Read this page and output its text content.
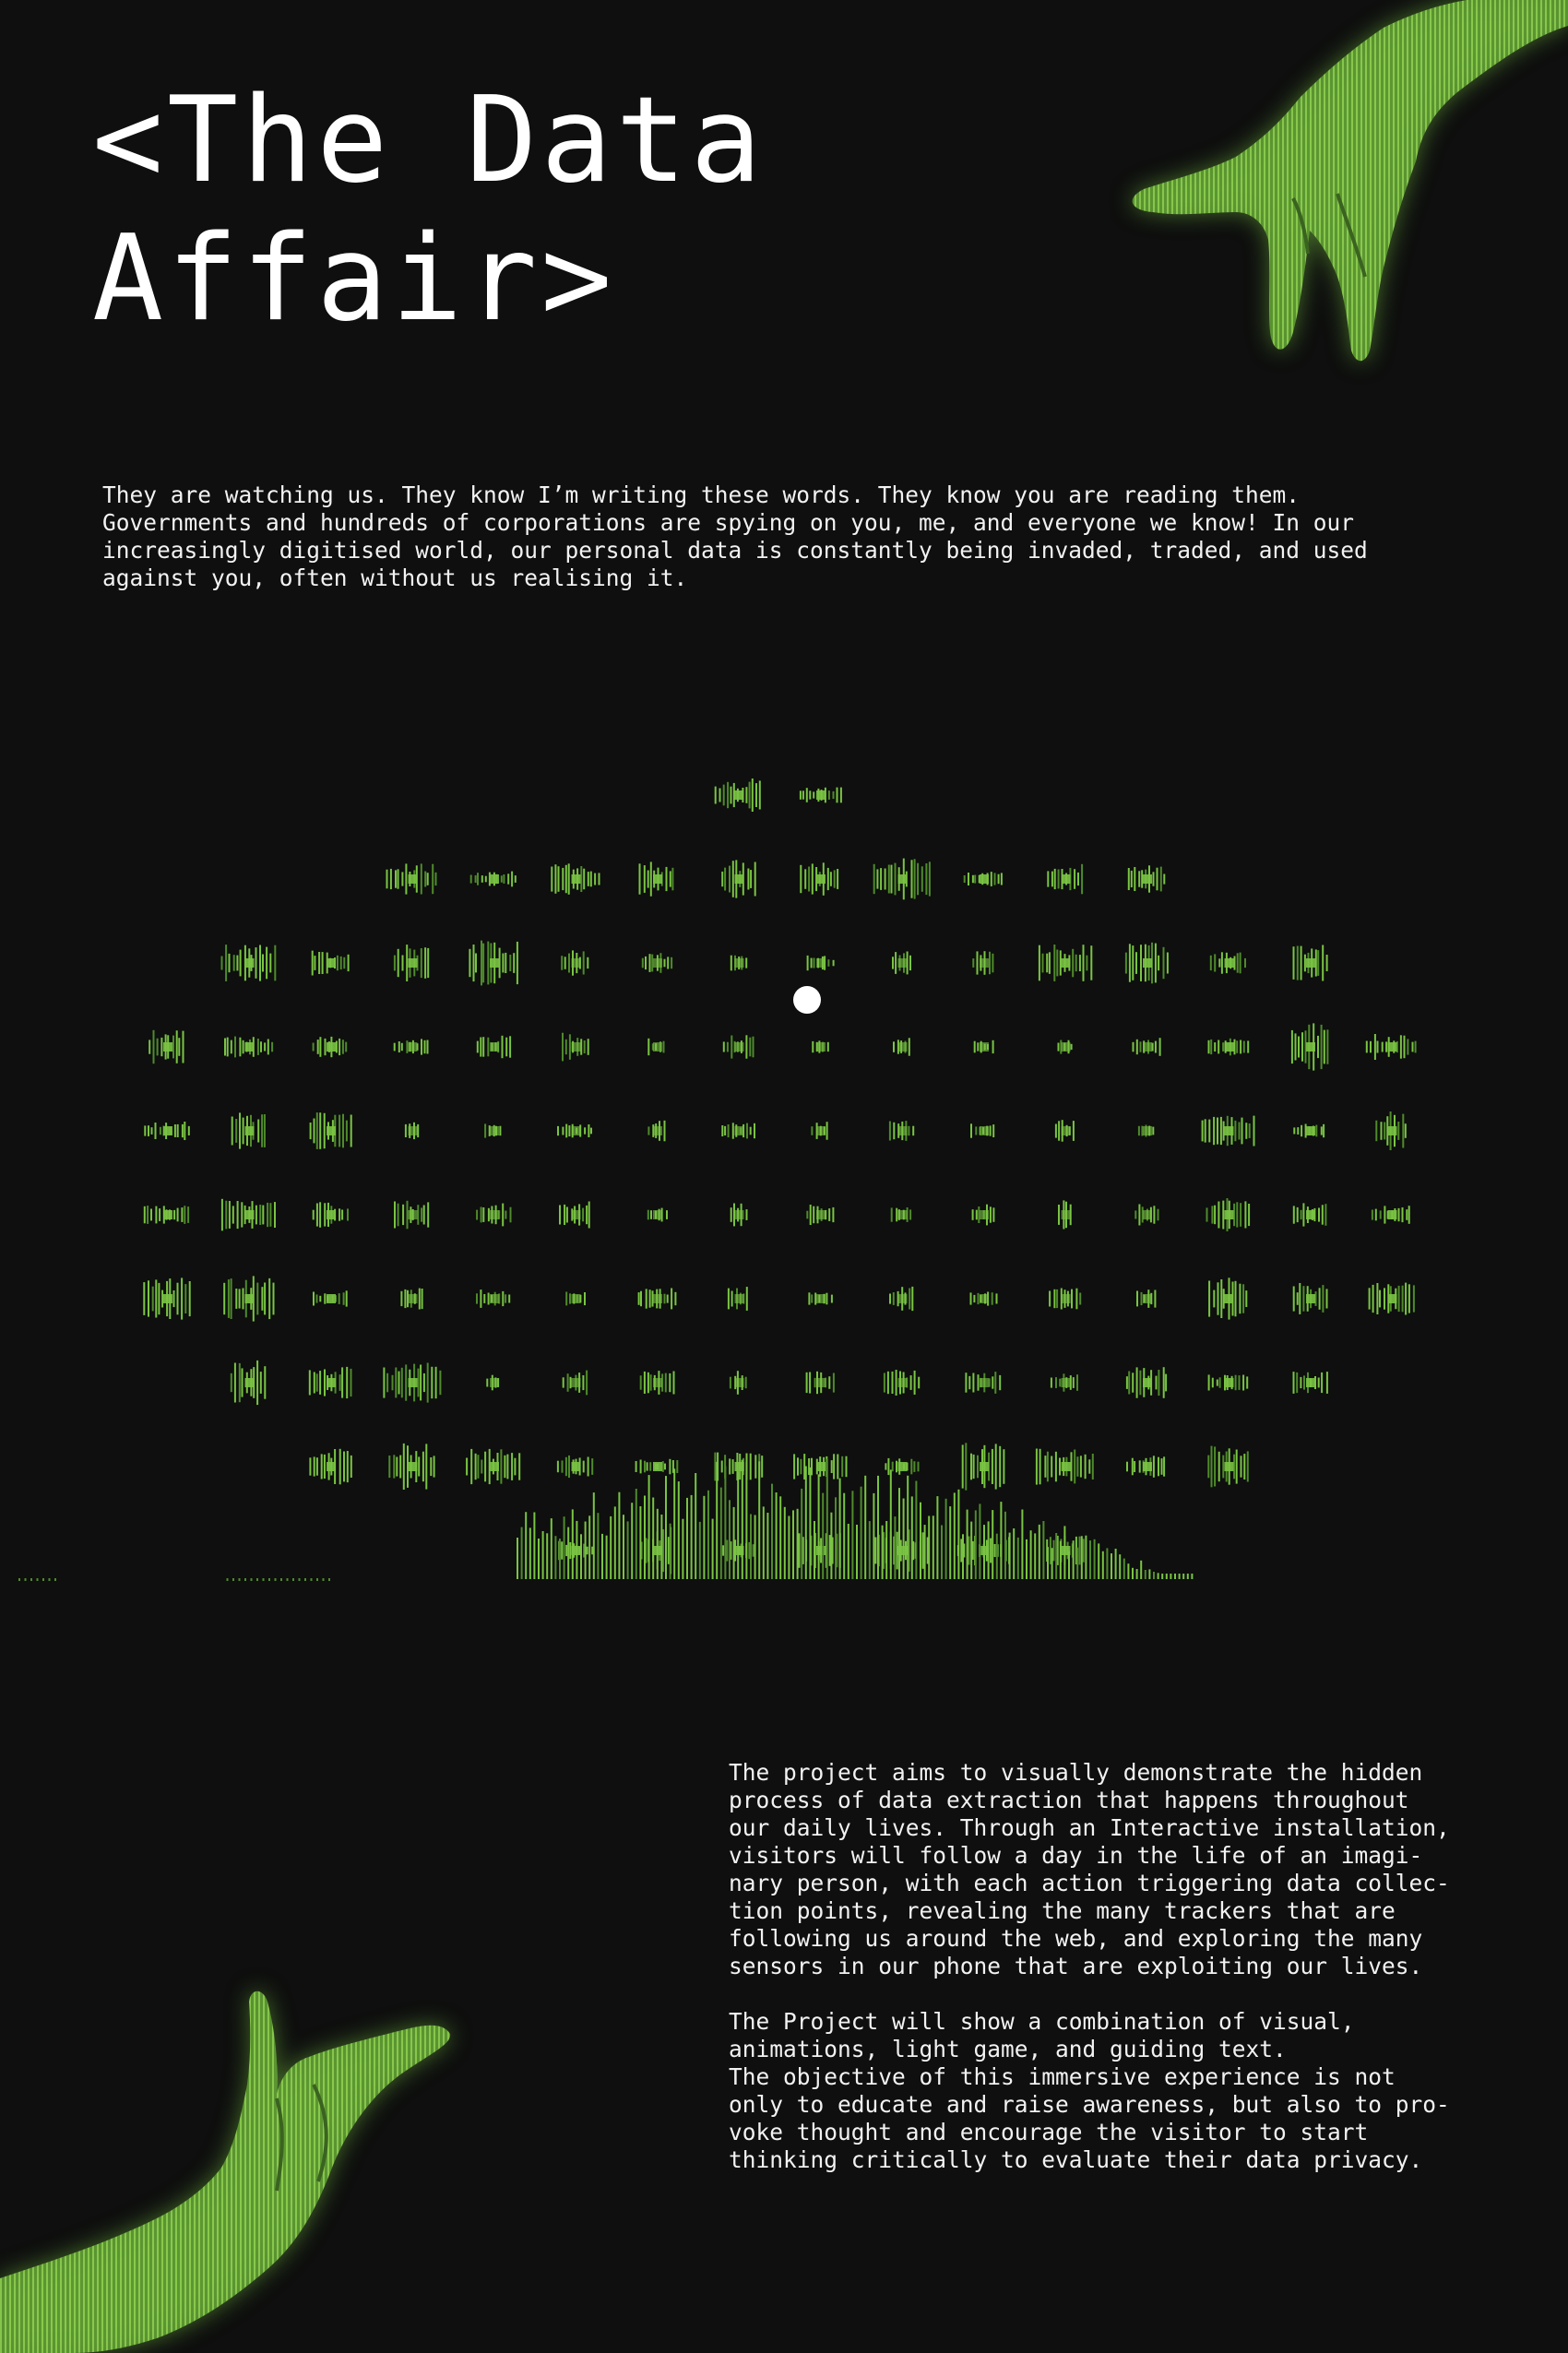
<The Data
Affair>

They are watching us. They know I’m writing these words. They know you are reading them. Governments and hundreds of corporations are spying on you, me, and everyone we know! In our increasingly digitised world, our personal data is constantly being invaded, traded, and used against you, often without us realising it.

The project aims to visually demonstrate the hidden
process of data extraction that happens throughout
our daily lives. Through an Interactive installation,
visitors will follow a day in the life of an imagi-
nary person, with each action triggering data collec-
tion points, revealing the many trackers that are
following us around the web, and exploring the many
sensors in our phone that are exploiting our lives.

The Project will show a combination of visual,
animations, light game, and guiding text.
The objective of this immersive experience is not
only to educate and raise awareness, but also to pro-
voke thought and encourage the visitor to start
thinking critically to evaluate their data privacy.
